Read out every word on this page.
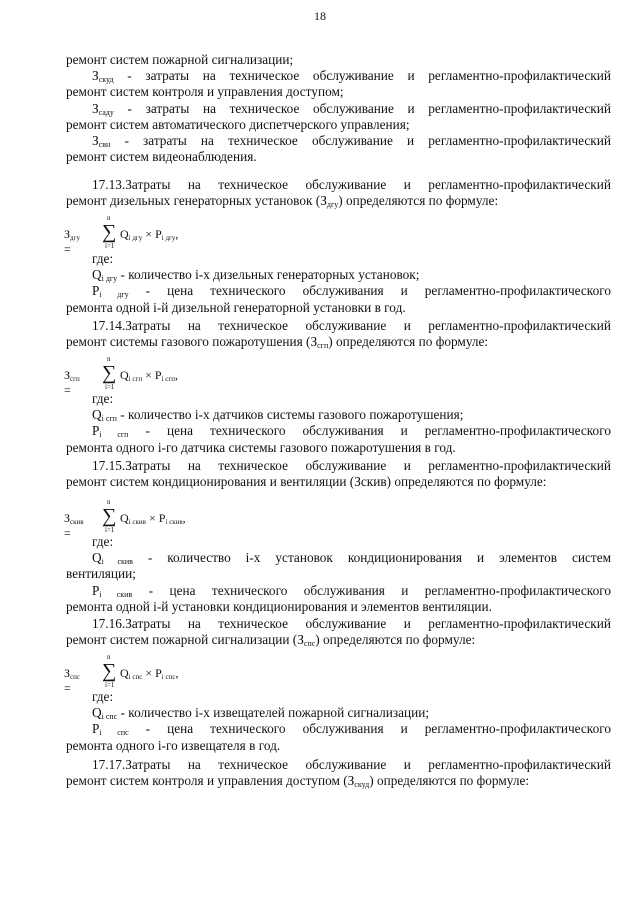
18
ремонт систем пожарной сигнализации;
$З_{скуд}$ - затраты на техническое обслуживание и регламентно-профилактический
ремонт систем контроля и управления доступом;
$З_{сaду}$ - затраты на техническое обслуживание и регламентно-профилактический
ремонт систем автоматического диспетчерского управления;
$З_{свн}$ - затраты на техническое обслуживание и регламентно-профилактический
ремонт систем видеонаблюдения.
17.13.Затраты на техническое обслуживание и регламентно-профилактический
ремонт дизельных генераторных установок $(З_{дгу})$ определяются по формуле:
$З_{дгу}$ =
n
∑
i=1
$Q_{i дгу} \times P_{i дгу}$,
где:
$Q_{i дгу}$ - количество i-х дизельных генераторных установок;
$P_{i дгу}$ - цена технического обслуживания и регламентно-профилактического
ремонта одной i-й дизельной генераторной установки в год.
17.14.Затраты на техническое обслуживание и регламентно-профилактический
ремонт системы газового пожаротушения $(З_{сгп})$ определяются по формуле:
$З_{сгп}$ =
n
∑
i=1
$Q_{i сгп} \times P_{i сгп}$,
где:
$Q_{i сгп}$ - количество i-х датчиков системы газового пожаротушения;
$P_{i сгп}$ - цена технического обслуживания и регламентно-профилактического
ремонта одного i-го датчика системы газового пожаротушения в год.
17.15.Затраты на техническое обслуживание и регламентно-профилактический
ремонт систем кондиционирования и вентиляции (Зскив) определяются по формуле:
$З_{скив}$ =
n
∑
i=1
$Q_{i скив} \times P_{i скив}$,
где:
$Q_{i скив}$ - количество i-х установок кондиционирования и элементов систем
вентиляции;
$P_{i скив}$ - цена технического обслуживания и регламентно-профилактического
ремонта одной i-й установки кондиционирования и элементов вентиляции.
17.16.Затраты на техническое обслуживание и регламентно-профилактический
ремонт систем пожарной сигнализации $(З_{спс})$ определяются по формуле:
$З_{спс}$ =
n
∑
i=1
$Q_{i спс} \times P_{i спс}$,
где:
$Q_{i спс}$ - количество i-х извещателей пожарной сигнализации;
$P_{i спс}$ - цена технического обслуживания и регламентно-профилактического
ремонта одного i-го извещателя в год.
17.17.Затраты на техническое обслуживание и регламентно-профилактический
ремонт систем контроля и управления доступом $(З_{скуд})$ определяются по формуле:
